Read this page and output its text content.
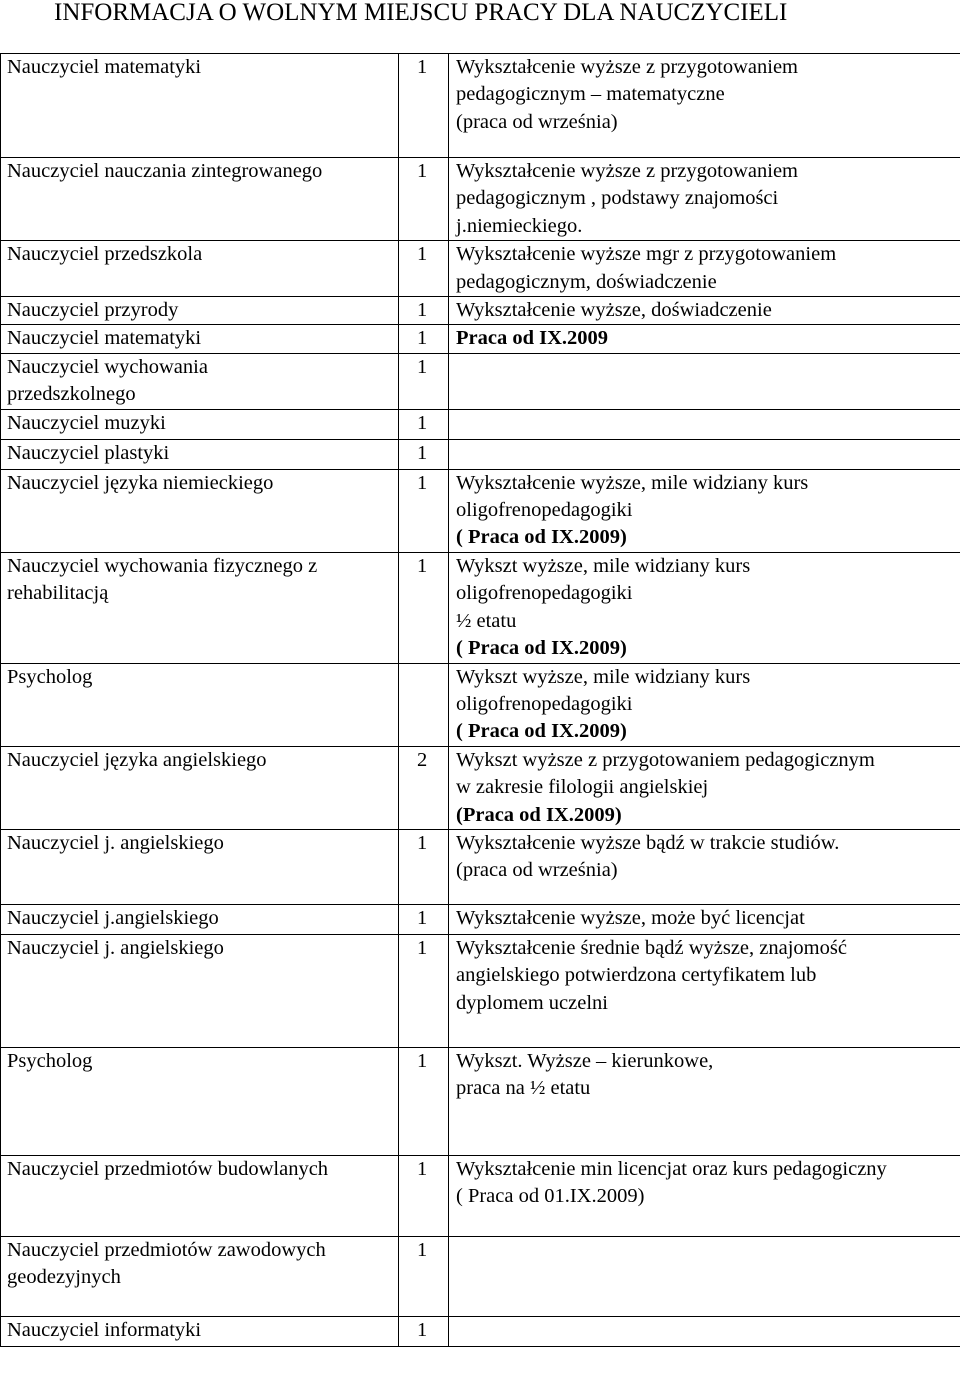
INFORMACJA O WOLNYM MIEJSCU PRACY DLA NAUCZYCIELI
Nauczyciel matematyki	1	Wykształcenie wyższe z przygotowaniem
pedagogicznym – matematyczne
(praca od września)

Nauczyciel nauczania zintegrowanego	1	Wykształcenie wyższe z przygotowaniem
pedagogicznym , podstawy znajomości
j.niemieckiego.

Nauczyciel przedszkola	1	Wykształcenie wyższe mgr z przygotowaniem
pedagogicznym, doświadczenie

Nauczyciel przyrody	1	Wykształcenie wyższe, doświadczenie

Nauczyciel matematyki	1	Praca od IX.2009

Nauczyciel wychowania
przedszkolnego	1	

Nauczyciel muzyki	1	

Nauczyciel plastyki	1	

Nauczyciel języka niemieckiego	1	Wykształcenie wyższe, mile widziany kurs
oligofrenopedagogiki
( Praca od IX.2009)

Nauczyciel wychowania fizycznego z
rehabilitacją	1	Wykszt wyższe, mile widziany kurs
oligofrenopedagogiki
½ etatu
( Praca od IX.2009)

Psycholog		Wykszt wyższe, mile widziany kurs
oligofrenopedagogiki
( Praca od IX.2009)

Nauczyciel języka angielskiego	2	Wykszt wyższe z przygotowaniem pedagogicznym
w zakresie filologii angielskiej
(Praca od IX.2009)

Nauczyciel j. angielskiego	1	Wykształcenie wyższe bądź w trakcie studiów.
(praca od września)

Nauczyciel j.angielskiego	1	Wykształcenie wyższe, może być licencjat

Nauczyciel j. angielskiego	1	Wykształcenie średnie bądź wyższe, znajomość
angielskiego potwierdzona certyfikatem lub
dyplomem uczelni

Psycholog	1	Wykszt. Wyższe – kierunkowe,
praca na ½ etatu

Nauczyciel przedmiotów budowlanych	1	Wykształcenie min licencjat oraz kurs pedagogiczny
( Praca od 01.IX.2009)

Nauczyciel przedmiotów zawodowych
geodezyjnych	1	

Nauczyciel informatyki	1	
